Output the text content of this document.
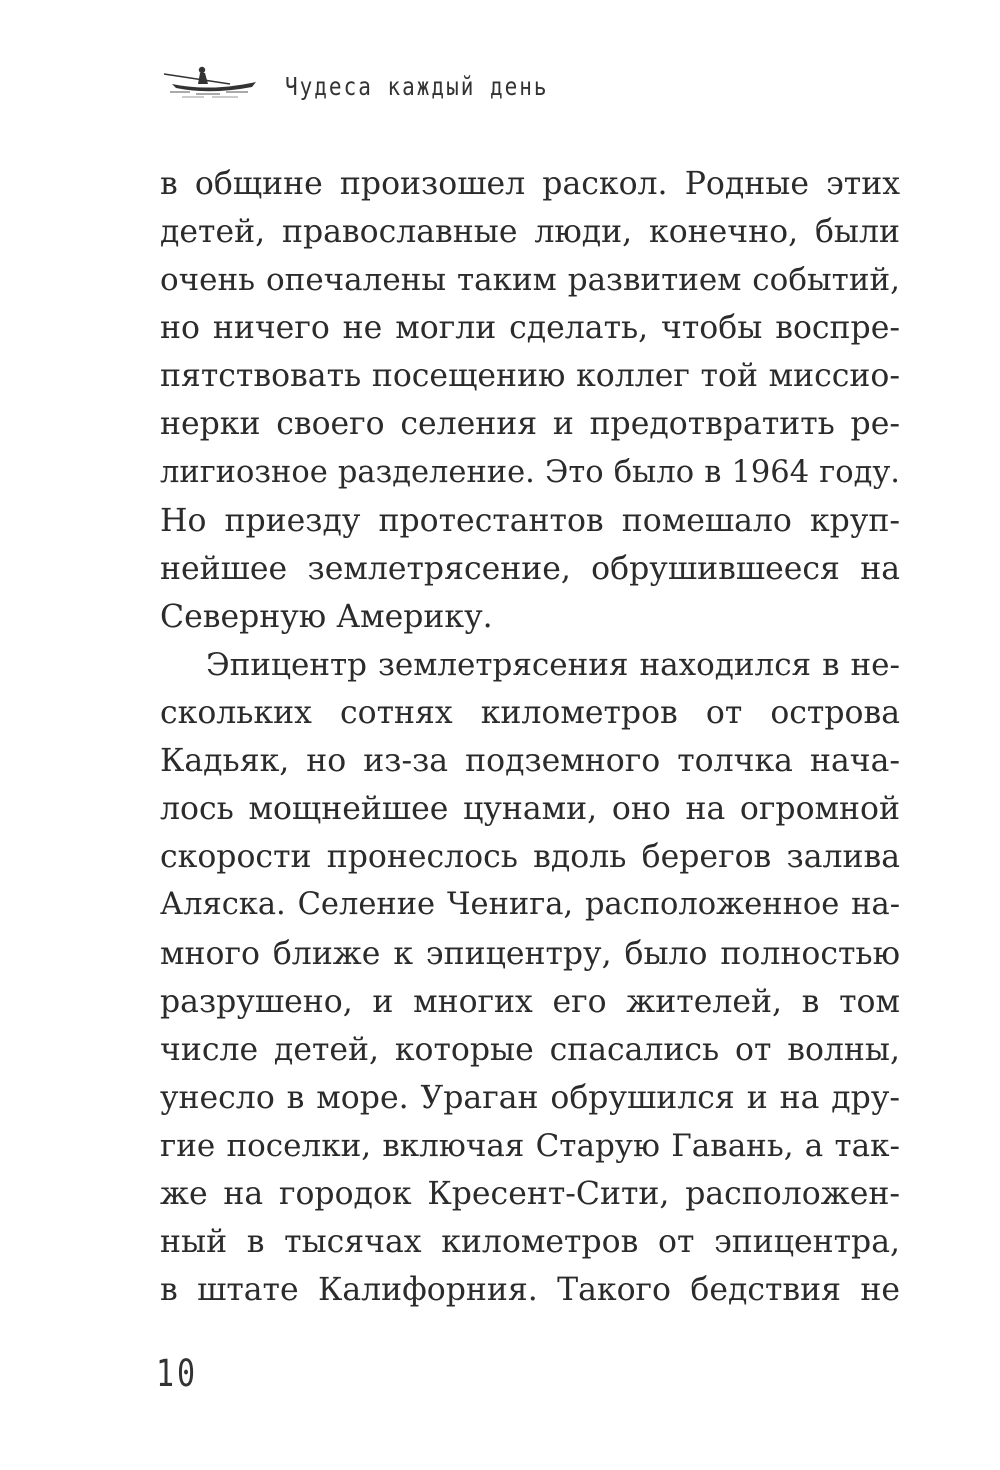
Чудеса каждый день
в общине произошел раскол. Родные этих
детей, православные люди, конечно, были
очень опечалены таким развитием событий,
но ничего не могли сделать, чтобы воспре-
пятствовать посещению коллег той миссио-
нерки своего селения и предотвратить ре-
лигиозное разделение. Это было в 1964 году.
Но приезду протестантов помешало круп-
нейшее землетрясение, обрушившееся на
Северную Америку.
Эпицентр землетрясения находился в не-
скольких сотнях километров от острова
Кадьяк, но из-за подземного толчка нача-
лось мощнейшее цунами, оно на огромной
скорости пронеслось вдоль берегов залива
Аляска. Селение Ченига, расположенное на-
много ближе к эпицентру, было полностью
разрушено, и многих его жителей, в том
числе детей, которые спасались от волны,
унесло в море. Ураган обрушился и на дру-
гие поселки, включая Старую Гавань, а так-
же на городок Кресент-Сити, расположен-
ный в тысячах километров от эпицентра,
в штате Калифорния. Такого бедствия не
10
